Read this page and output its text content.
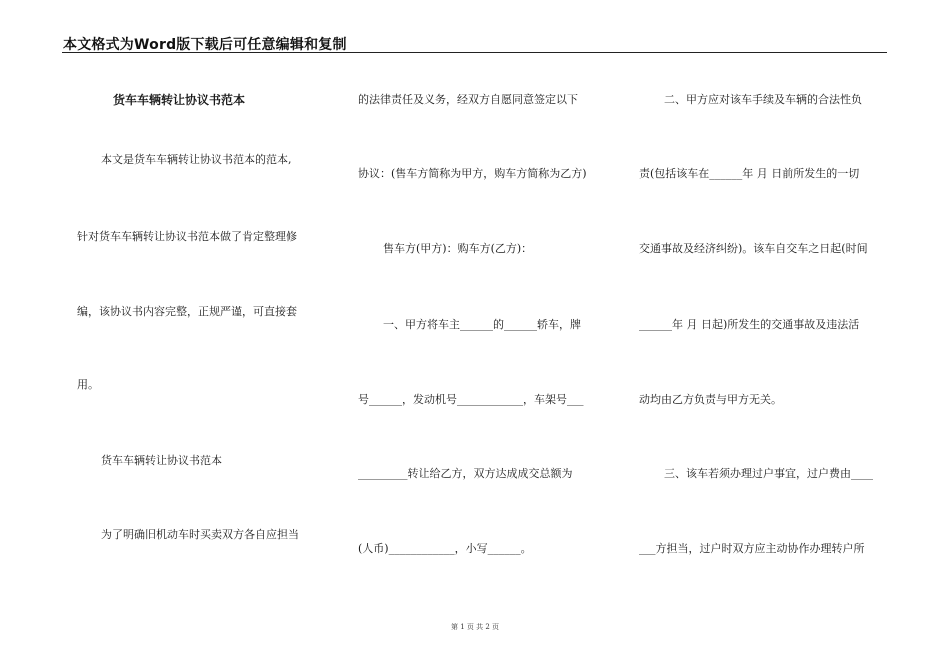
本文格式为Word版下载后可任意编辑和复制
货车车辆转让协议书范本
本文是货车车辆转让协议书范本的范本,
针对货车车辆转让协议书范本做了肯定整理修
编，该协议书内容完整，正规严谨，可直接套
用。
货车车辆转让协议书范本
为了明确旧机动车时买卖双方各自应担当
的法律责任及义务，经双方自愿同意签定以下
协议：(售车方简称为甲方，购车方简称为乙方)
售车方(甲方)：购车方(乙方)：
一、甲方将车主______的______轿车，牌
号______，发动机号____________，车架号___
_________转让给乙方，双方达成成交总额为
(人币)____________，小写______。
二、甲方应对该车手续及车辆的合法性负
责(包括该车在______年 月 日前所发生的一切
交通事故及经济纠纷)。该车自交车之日起(时间
______年 月 日起)所发生的交通事故及违法活
动均由乙方负责与甲方无关。
三、该车若须办理过户事宜，过户费由____
___方担当，过户时双方应主动协作办理转户所
第 1 页 共 2 页
